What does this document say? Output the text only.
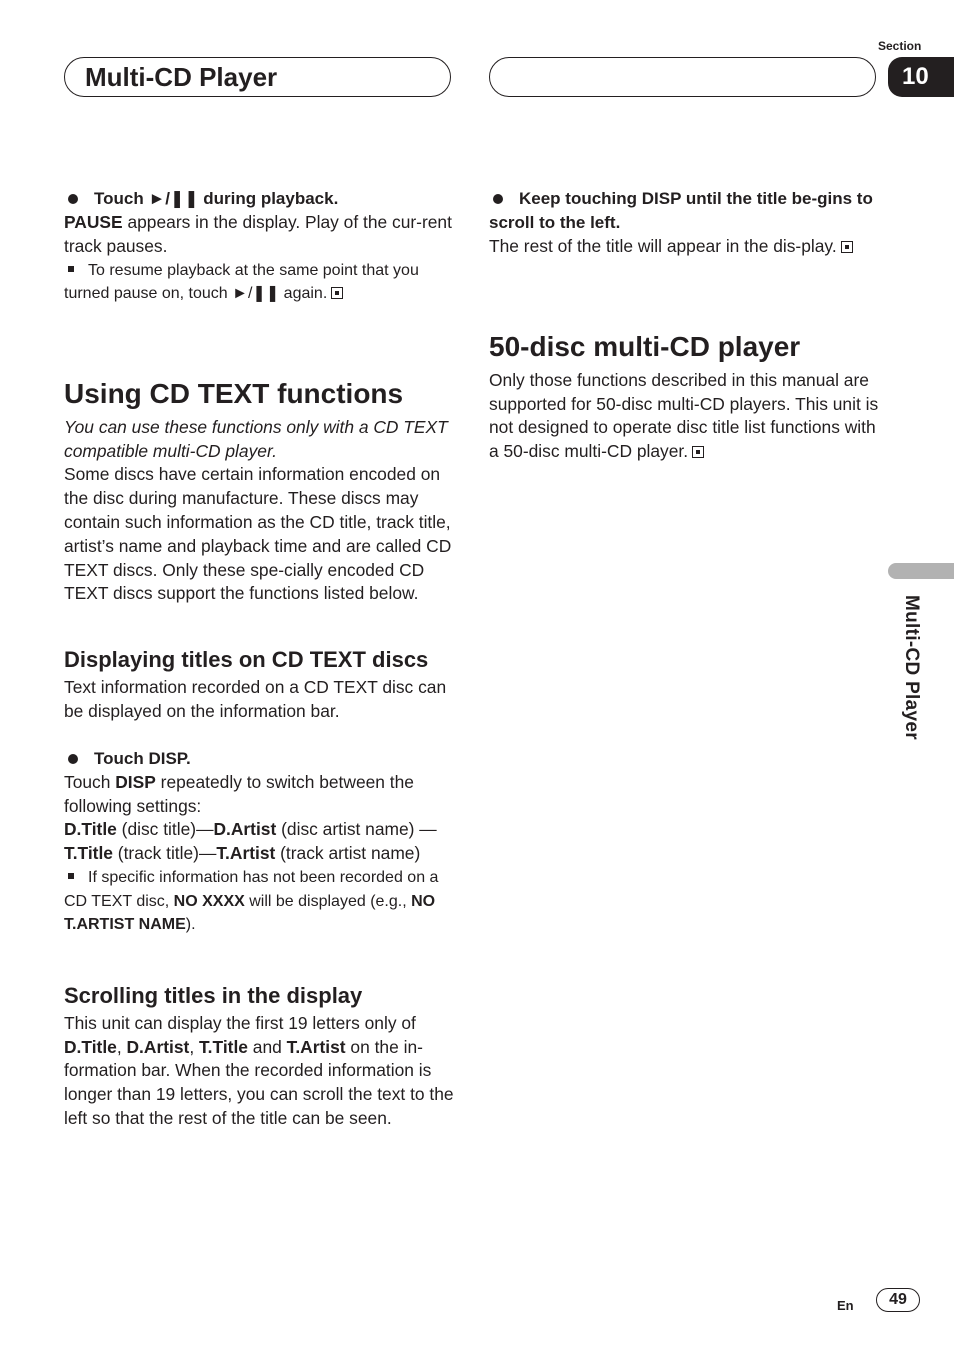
Multi-CD Player
Section
10

Touch ►/❚❚ during playback.

PAUSE appears in the display. Play of the cur-rent track pauses.

To resume playback at the same point that you turned pause on, touch ►/❚❚ again.

Using CD TEXT functions

You can use these functions only with a CD TEXT compatible multi-CD player.

Some discs have certain information encoded on the disc during manufacture. These discs may contain such information as the CD title, track title, artist’s name and playback time and are called CD TEXT discs. Only these spe-cially encoded CD TEXT discs support the functions listed below.

Displaying titles on CD TEXT discs

Text information recorded on a CD TEXT disc can be displayed on the information bar.

Touch DISP.

Touch DISP repeatedly to switch between the following settings:

D.Title (disc title)—D.Artist (disc artist name) —T.Title (track title)—T.Artist (track artist name)

If specific information has not been recorded on a CD TEXT disc, NO XXXX will be displayed (e.g., NO T.ARTIST NAME).

Scrolling titles in the display

This unit can display the first 19 letters only of D.Title, D.Artist, T.Title and T.Artist on the in-formation bar. When the recorded information is longer than 19 letters, you can scroll the text to the left so that the rest of the title can be seen.

Keep touching DISP until the title be-gins to scroll to the left.

The rest of the title will appear in the dis-play.

50-disc multi-CD player

Only those functions described in this manual are supported for 50-disc multi-CD players. This unit is not designed to operate disc title list functions with a 50-disc multi-CD player.

Multi-CD Player
En	49
